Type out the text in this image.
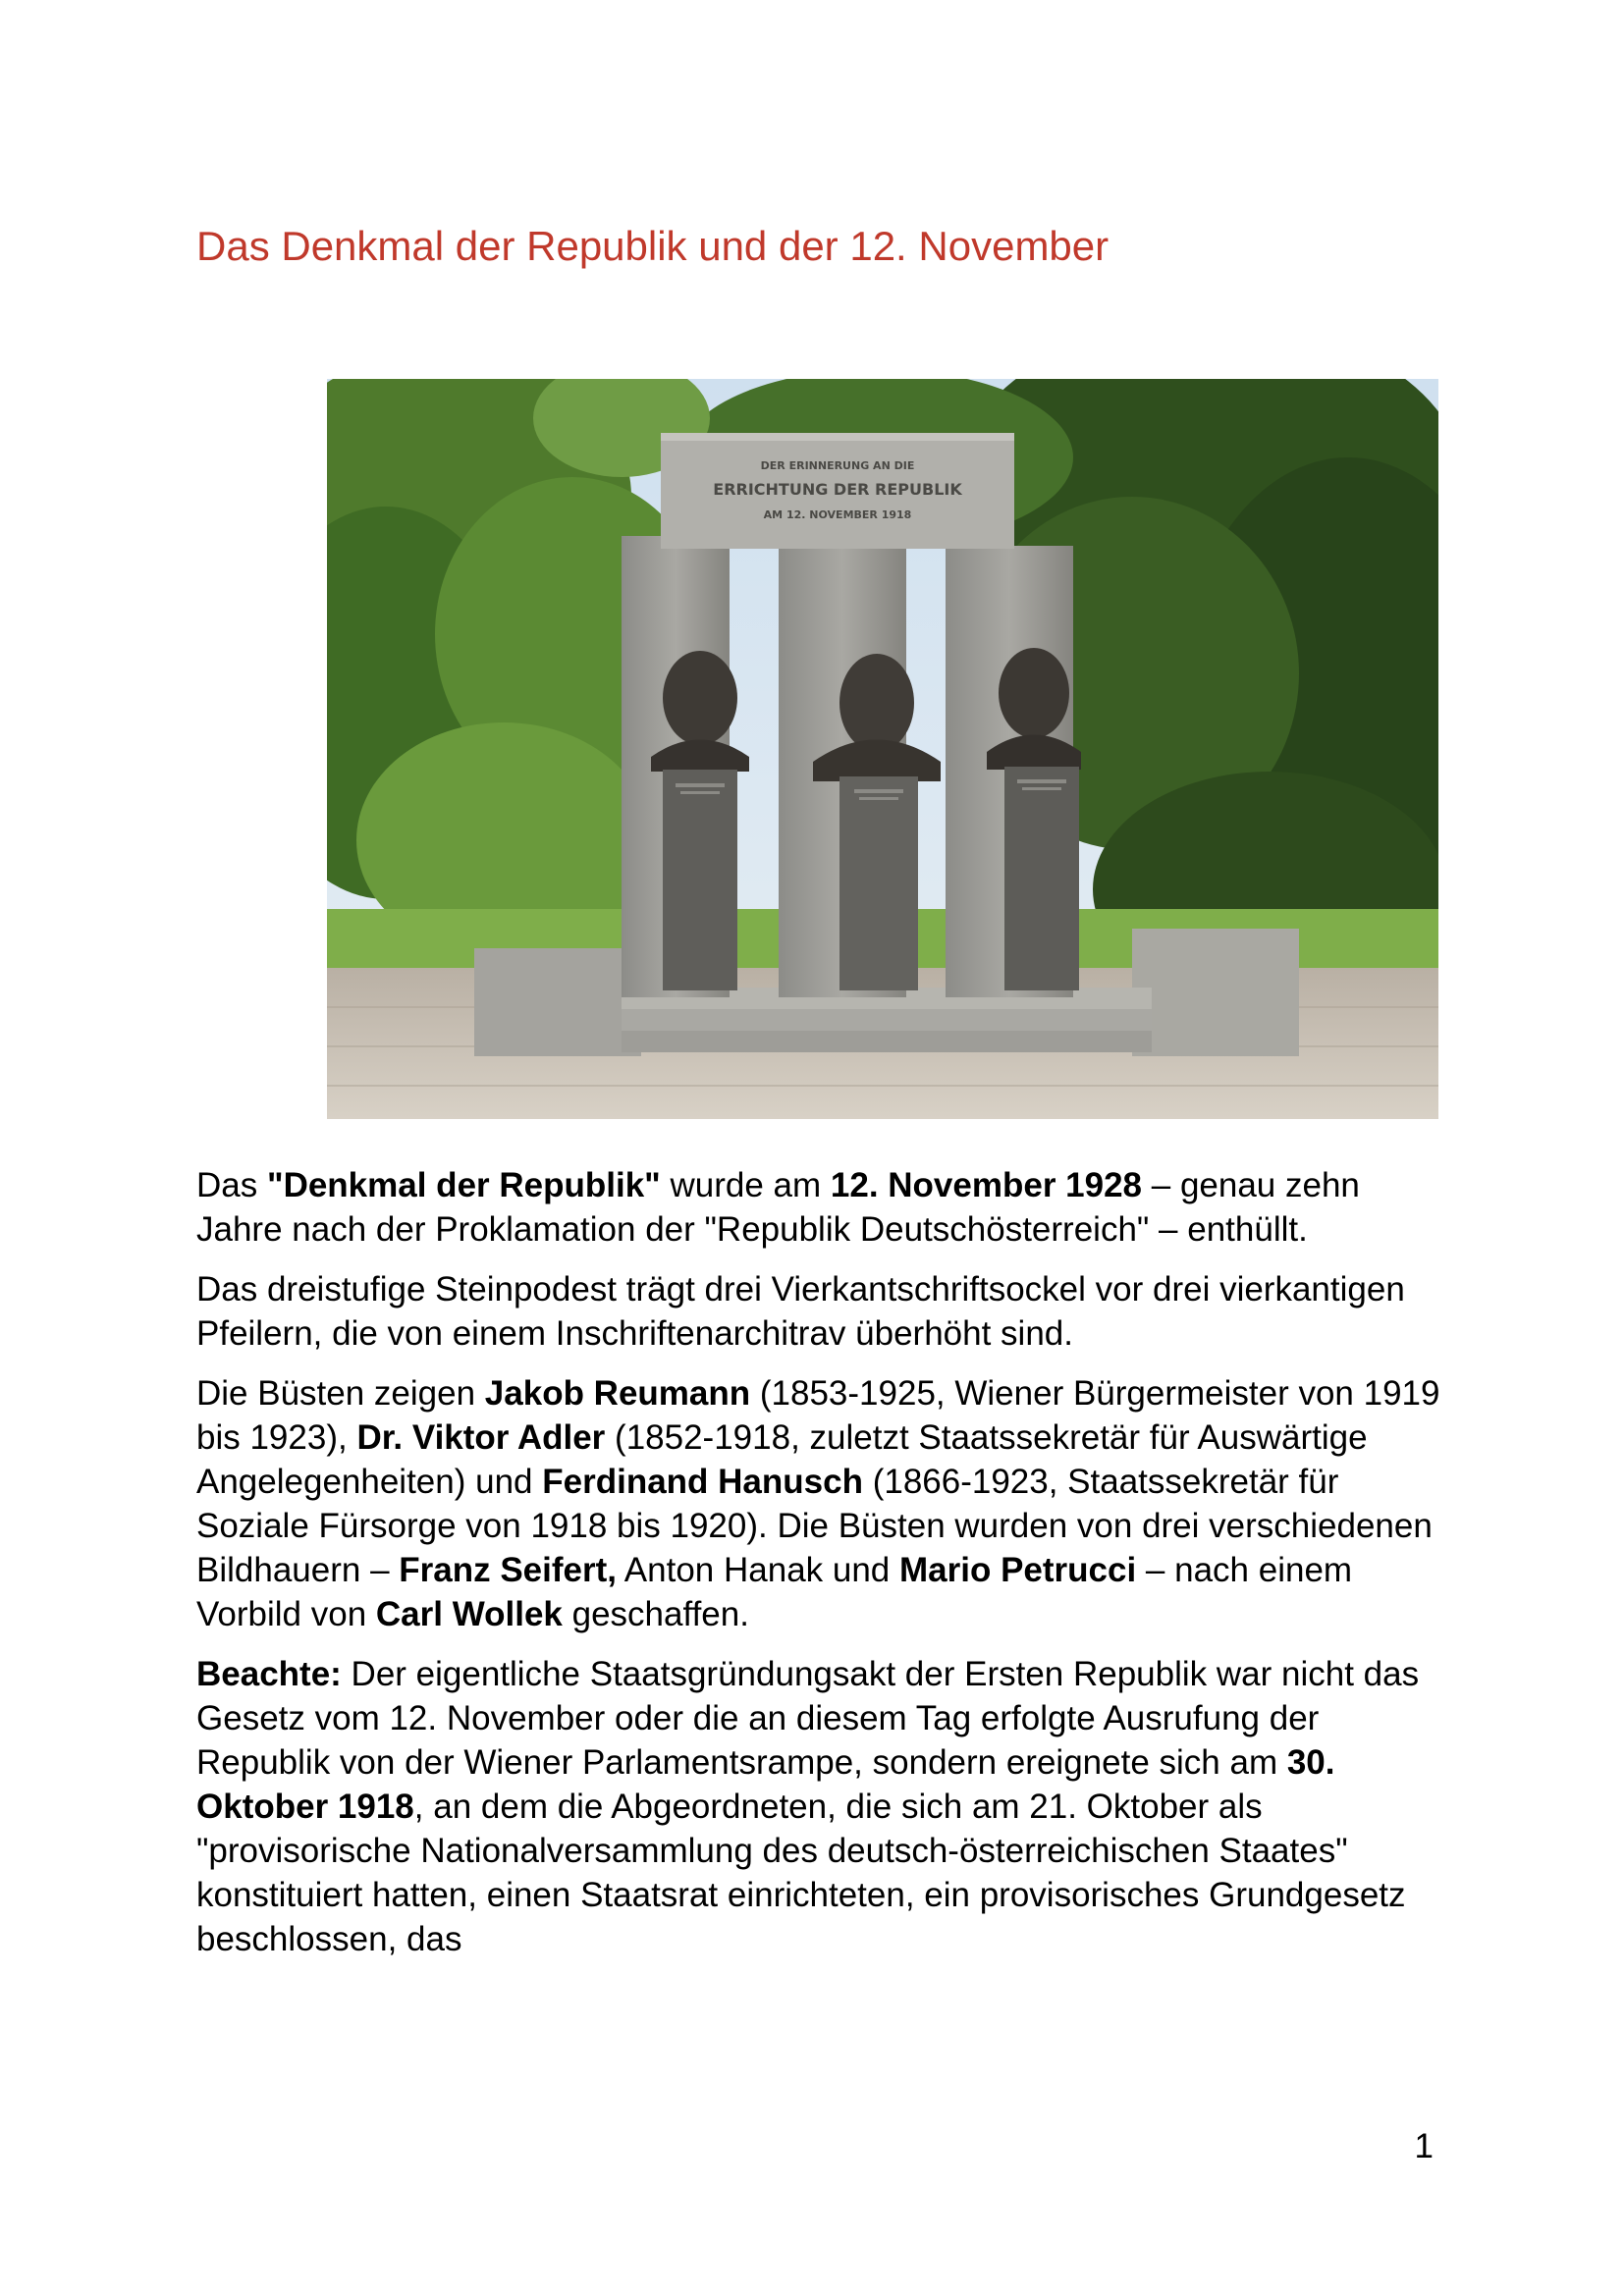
Das Denkmal der Republik und der 12. November
DER ERINNERUNG AN DIE
ERRICHTUNG DER REPUBLIK
AM 12. NOVEMBER 1918

Das "Denkmal der Republik" wurde am 12. November 1928 – genau zehn Jahre nach der Proklamation der "Republik Deutschösterreich" – enthüllt.

Das dreistufige Steinpodest trägt drei Vierkantschriftsockel vor drei vierkantigen Pfeilern, die von einem Inschriftenarchitrav überhöht sind.

Die Büsten zeigen Jakob Reumann (1853-1925, Wiener Bürgermeister von 1919 bis 1923), Dr. Viktor Adler (1852-1918, zuletzt Staatssekretär für Auswärtige Angelegenheiten) und Ferdinand Hanusch (1866-1923, Staatssekretär für Soziale Fürsorge von 1918 bis 1920). Die Büsten wurden von drei verschiedenen Bildhauern – Franz Seifert, Anton Hanak und Mario Petrucci – nach einem Vorbild von Carl Wollek geschaffen.

Beachte: Der eigentliche Staatsgründungsakt der Ersten Republik war nicht das Gesetz vom 12. November oder die an diesem Tag erfolgte Ausrufung der Republik von der Wiener Parlamentsrampe, sondern ereignete sich am 30. Oktober 1918, an dem die Abgeordneten, die sich am 21. Oktober als "provisorische Nationalversammlung des deutsch-österreichischen Staates" konstituiert hatten, einen Staatsrat einrichteten, ein provisorisches Grundgesetz beschlossen, das

1
